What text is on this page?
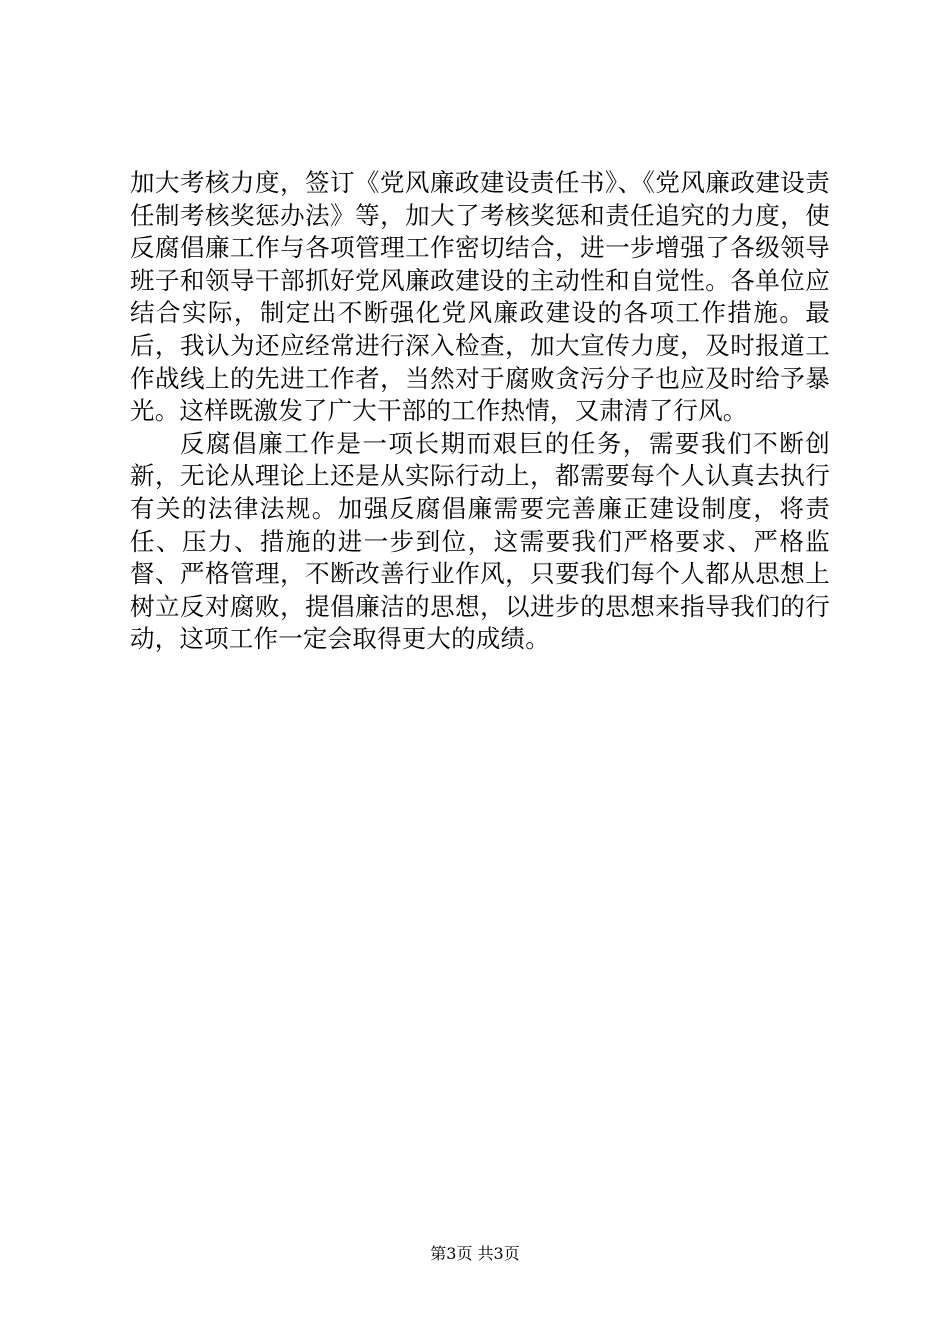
加大考核力度，签订《党风廉政建设责任书》、《党风廉政建设责任制考核奖惩办法》等，加大了考核奖惩和责任追究的力度，使反腐倡廉工作与各项管理工作密切结合，进一步增强了各级领导班子和领导干部抓好党风廉政建设的主动性和自觉性。各单位应结合实际，制定出不断强化党风廉政建设的各项工作措施。最后，我认为还应经常进行深入检查，加大宣传力度，及时报道工作战线上的先进工作者，当然对于腐败贪污分子也应及时给予暴光。这样既激发了广大干部的工作热情，又肃清了行风。

反腐倡廉工作是一项长期而艰巨的任务，需要我们不断创新，无论从理论上还是从实际行动上，都需要每个人认真去执行有关的法律法规。加强反腐倡廉需要完善廉正建设制度，将责任、压力、措施的进一步到位，这需要我们严格要求、严格监督、严格管理，不断改善行业作风，只要我们每个人都从思想上树立反对腐败，提倡廉洁的思想，以进步的思想来指导我们的行动，这项工作一定会取得更大的成绩。

第3页 共3页
